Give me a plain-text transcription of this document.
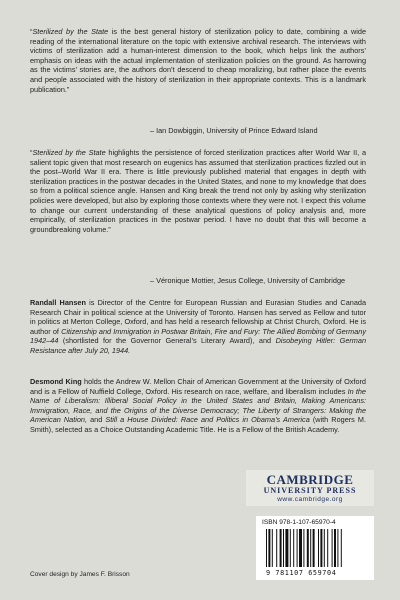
“Sterilized by the State is the best general history of sterilization policy to date, combining a wide reading of the international literature on the topic with extensive archival research. The interviews with victims of sterilization add a human-interest dimension to the book, which helps link the authors’ emphasis on ideas with the actual implementation of sterilization policies on the ground. As harrowing as the victims’ stories are, the authors don’t descend to cheap moralizing, but rather place the events and people associated with the history of sterilization in their appropriate contexts. This is a landmark publication.”

– Ian Dowbiggin, University of Prince Edward Island

“Sterilized by the State highlights the persistence of forced sterilization practices after World War II, a salient topic given that most research on eugenics has assumed that sterilization practices fizzled out in the post–World War II era. There is little previously published material that engages in depth with sterilization practices in the postwar decades in the United States, and none to my knowledge that does so from a political science angle. Hansen and King break the trend not only by asking why sterilization policies were developed, but also by exploring those contexts where they were not. I expect this volume to change our current understanding of these analytical questions of policy analysis and, more empirically, of sterilization practices in the postwar period. I have no doubt that this will become a groundbreaking volume.”

– Véronique Mottier, Jesus College, University of Cambridge

Randall Hansen is Director of the Centre for European Russian and Eurasian Studies and Canada Research Chair in political science at the University of Toronto. Hansen has served as Fellow and tutor in politics at Merton College, Oxford, and has held a research fellowship at Christ Church, Oxford. He is author of Citizenship and Immigration in Postwar Britain, Fire and Fury: The Allied Bombing of Germany 1942–44 (shortlisted for the Governor General’s Literary Award), and Disobeying Hitler: German Resistance after July 20, 1944.

Desmond King holds the Andrew W. Mellon Chair of American Government at the University of Oxford and is a Fellow of Nuffield College, Oxford. His research on race, welfare, and liberalism includes In the Name of Liberalism: Illiberal Social Policy in the United States and Britain, Making Americans: Immigration, Race, and the Origins of the Diverse Democracy; The Liberty of Strangers: Making the American Nation, and Still a House Divided: Race and Politics in Obama’s America (with Rogers M. Smith), selected as a Choice Outstanding Academic Title. He is a Fellow of the British Academy.

CAMBRIDGE
UNIVERSITY PRESS
www.cambridge.org
ISBN 978-1-107-65970-4
9 781107 659704
Cover design by James F. Brisson
